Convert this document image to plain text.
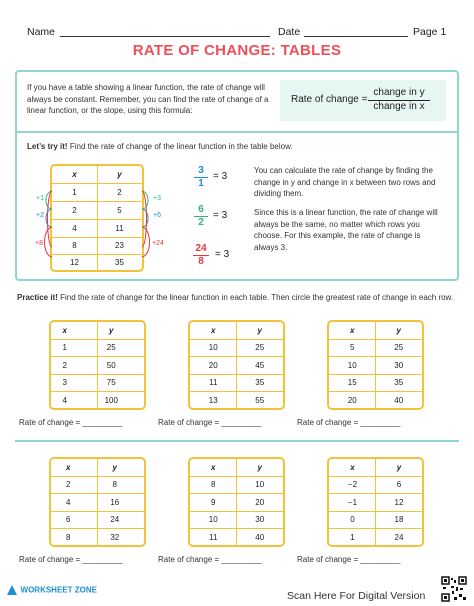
Name	Date	Page 1
RATE OF CHANGE: TABLES
If you have a table showing a linear function, the rate of change will always be constant. Remember, you can find the rate of change of a linear function, or the slope, using this formula:
Rate of change =
change in y
change in x
Let’s try it! Find the rate of change of the linear function in the table below.
x	y
1	2
2	5
4	11
8	23
12	35
+1
+2
+8
+3
+6
+24
3
1
= 3
6
2
= 3
24
8
= 3
You can calculate the rate of change by finding the change in y and change in x between two rows and dividing them.
Since this is a linear function, the rate of change will always be the same, no matter which rows you choose. For this example, the rate of change is always 3.
Practice it! Find the rate of change for the linear function in each table. Then circle the greatest rate of change in each row.
x	y
1	25
2	50
3	75
4	100
Rate of change = _________
x	y
10	25
20	45
11	35
13	55
Rate of change = _________
x	y
5	25
10	30
15	35
20	40
Rate of change = _________
x	y
2	8
4	16
6	24
8	32
Rate of change = _________
x	y
8	10
9	20
10	30
11	40
Rate of change = _________
x	y
−2	6
−1	12
0	18
1	24
Rate of change = _________
WORKSHEET ZONE	Scan Here For Digital Version
